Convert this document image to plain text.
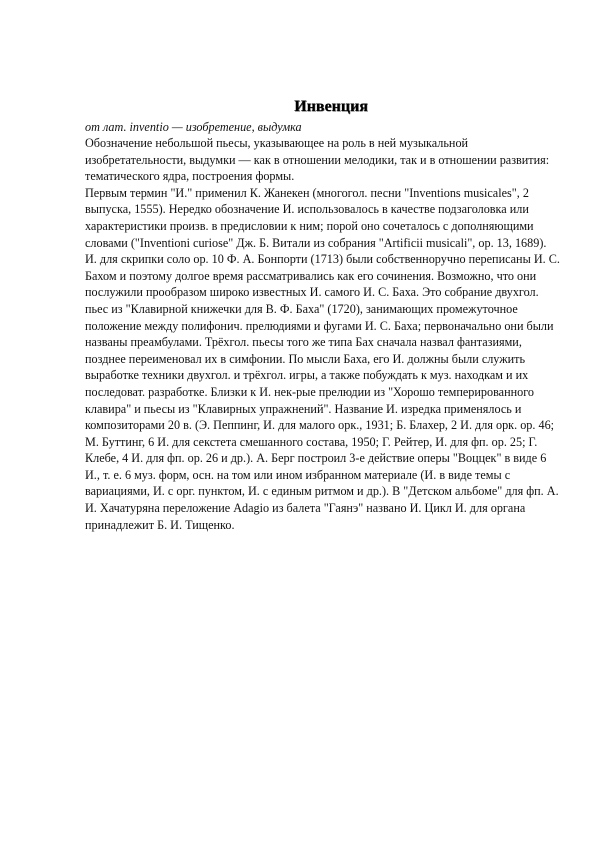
Инвенция

от лат. inventio — изобретение, выдумка

Обозначение небольшой пьесы, указывающее на роль в ней музыкальной изобретательности, выдумки — как в отношении мелодики, так и в отношении развития: тематического ядра, построения формы.

Первым термин "И." применил К. Жанекен (многогол. песни "Inventions musicales", 2 выпуска, 1555). Нередко обозначение И. использовалось в качестве подзаголовка или характеристики произв. в предисловии к ним; порой оно сочеталось с дополняющими словами ("Inventioni curiose" Дж. Б. Витали из собрания "Artificii musicali", op. 13, 1689). И. для скрипки соло ор. 10 Ф. А. Бонпорти (1713) были собственноручно переписаны И. С. Бахом и поэтому долгое время рассматривались как его сочинения. Возможно, что они послужили прообразом широко известных И. самого И. С. Баха. Это собрание двухгол. пьес из "Клавирной книжечки для В. Ф. Баха" (1720), занимающих промежуточное положение между полифонич. прелюдиями и фугами И. С. Баха; первоначально они были названы преамбулами. Трёхгол. пьесы того же типа Бах сначала назвал фантазиями, позднее переименовал их в симфонии. По мысли Баха, его И. должны были служить выработке техники двухгол. и трёхгол. игры, а также побуждать к муз. находкам и их последоват. разработке. Близки к И. нек-рые прелюдии из "Хорошо темперированного клавира" и пьесы из "Клавирных упражнений". Название И. изредка применялось и композиторами 20 в. (Э. Пеппинг, И. для малого орк., 1931; Б. Блахер, 2 И. для орк. op. 46; М. Буттинг, 6 И. для секстета смешанного состава, 1950; Г. Рейтер, И. для фп. op. 25; Г. Клебе, 4 И. для фп. op. 26 и др.). А. Берг построил 3-е действие оперы "Воццек" в виде 6 И., т. е. 6 муз. форм, осн. на том или ином избранном материале (И. в виде темы с вариациями, И. с орг. пунктом, И. с единым ритмом и др.). В "Детском альбоме" для фп. А. И. Хачатуряна переложение Adagio из балета "Гаянэ" названо И. Цикл И. для органа принадлежит Б. И. Тищенко.
